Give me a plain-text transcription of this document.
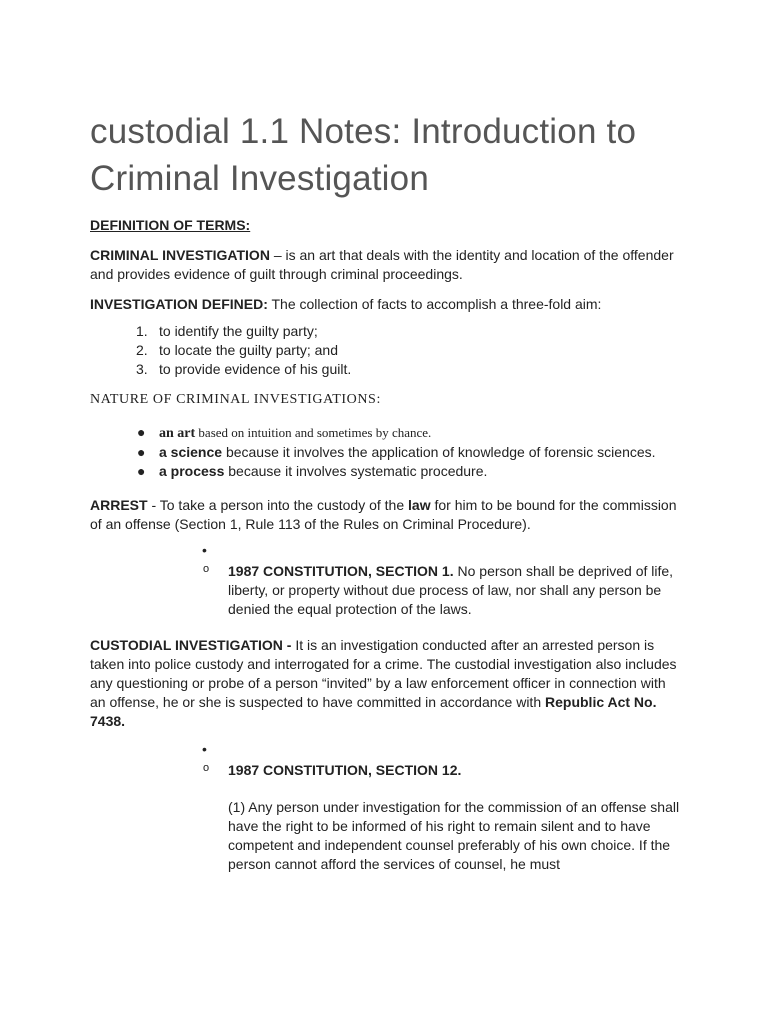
custodial 1.1 Notes: Introduction to Criminal Investigation

DEFINITION OF TERMS:

CRIMINAL INVESTIGATION – is an art that deals with the identity and location of the offender and provides evidence of guilt through criminal proceedings.

INVESTIGATION DEFINED: The collection of facts to accomplish a three-fold aim:

1. to identify the guilty party;
2. to locate the guilty party; and
3. to provide evidence of his guilt.

NATURE OF CRIMINAL INVESTIGATIONS:

● an art based on intuition and sometimes by chance.
● a science because it involves the application of knowledge of forensic sciences.
● a process because it involves systematic procedure.

ARREST - To take a person into the custody of the law for him to be bound for the commission of an offense (Section 1, Rule 113 of the Rules on Criminal Procedure).

•
o 1987 CONSTITUTION, SECTION 1. No person shall be deprived of life, liberty, or property without due process of law, nor shall any person be denied the equal protection of the laws.

CUSTODIAL INVESTIGATION - It is an investigation conducted after an arrested person is taken into police custody and interrogated for a crime. The custodial investigation also includes any questioning or probe of a person “invited” by a law enforcement officer in connection with an offense, he or she is suspected to have committed in accordance with Republic Act No. 7438.

•
o 1987 CONSTITUTION, SECTION 12.

(1) Any person under investigation for the commission of an offense shall have the right to be informed of his right to remain silent and to have competent and independent counsel preferably of his own choice. If the person cannot afford the services of counsel, he must
